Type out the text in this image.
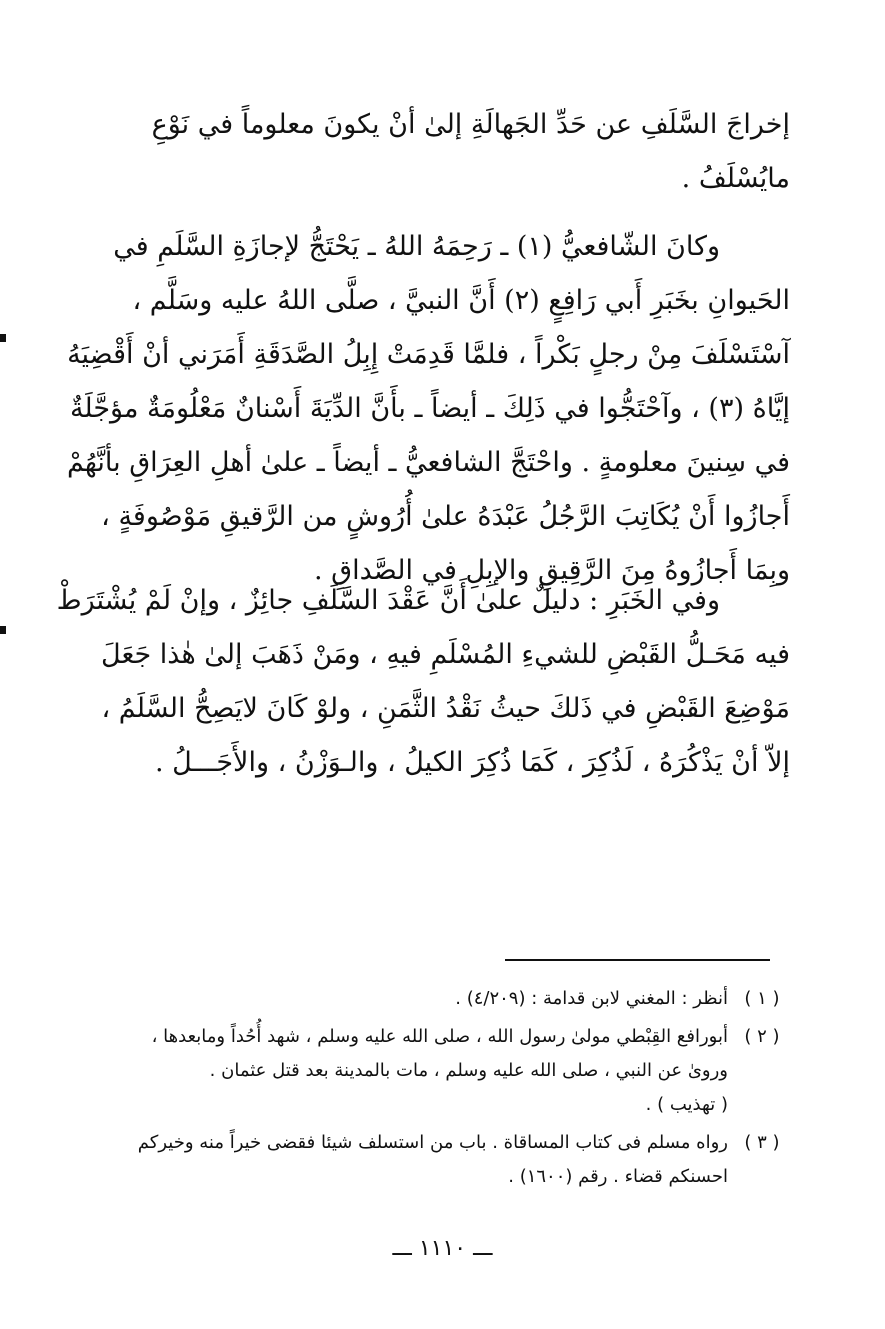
إخراجَ السَّلَفِ عن حَدِّ الجَهالَةِ إلىٰ أنْ يكونَ معلوماً في نَوْعِ
مايُسْلَفُ .
وكانَ الشّافعيُّ (١) ـ رَحِمَهُ اللهُ ـ يَحْتَجُّ لإجازَةِ السَّلَمِ في
الحَيوانِ بخَبَرِ أَبي رَافِعٍ (٢) أَنَّ النبيَّ ، صلَّى اللهُ عليه وسَلَّم ،
آسْتَسْلَفَ مِنْ رجلٍ بَكْراً ، فلمَّا قَدِمَتْ إِبِلُ الصَّدَقَةِ أَمَرَني أنْ أَقْضِيَهُ
إيَّاهُ (٣) ، وآحْتَجُّوا في ذَلِكَ ـ أيضاً ـ بأَنَّ الدِّيَةَ أَسْنانٌ مَعْلُومَةٌ مؤجَّلَةٌ
في سِنينَ معلومةٍ . واحْتَجَّ الشافعيُّ ـ أيضاً ـ علىٰ أهلِ العِرَاقِ بأنَّهُمْ
أَجازُوا أَنْ يُكَاتِبَ الرَّجُلُ عَبْدَهُ علىٰ أُرُوشٍ من الرَّقيقِ مَوْصُوفَةٍ ،
وبِمَا أَجازُوهُ مِنَ الرَّقِيقِ والإبِلِ في الصَّداقِ .
وفي الخَبَرِ : دليلٌ علىٰ أَنَّ عَقْدَ السَّلَفِ جائِزٌ ، وإنْ لَمْ يُشْتَرَطْ
فيه مَحَـلُّ القَبْضِ للشيءِ المُسْلَمِ فيهِ ، ومَنْ ذَهَبَ إلىٰ هٰذا جَعَلَ
مَوْضِعَ القَبْضِ في ذَلكَ حيثُ نَقْدُ الثَّمَنِ ، ولوْ كَانَ لايَصِحُّ السَّلَمُ ،
إلاّ أنْ يَذْكُرَهُ ، لَذُكِرَ ، كَمَا ذُكِرَ الكيلُ ، والـوَزْنُ ، والأَجَـــلُ .
( ١ )
أنظر : المغني لابن قدامة : (٤/٢٠٩) .
( ٢ )
أبورافع القِبْطي مولىٰ رسول الله ، صلى الله عليه وسلم ، شهد أُحُداً ومابعدها ،
وروىٰ عن النبي ، صلى الله عليه وسلم ، مات بالمدينة بعد قتل عثمان .
( تهذيب ) .
( ٣ )
رواه مسلم فى كتاب المساقاة . باب من استسلف شيئا فقضى خيراً منه وخيركم
احسنكم قضاء . رقم (١٦٠٠) .
ـــ ١١١٠ ـــ
